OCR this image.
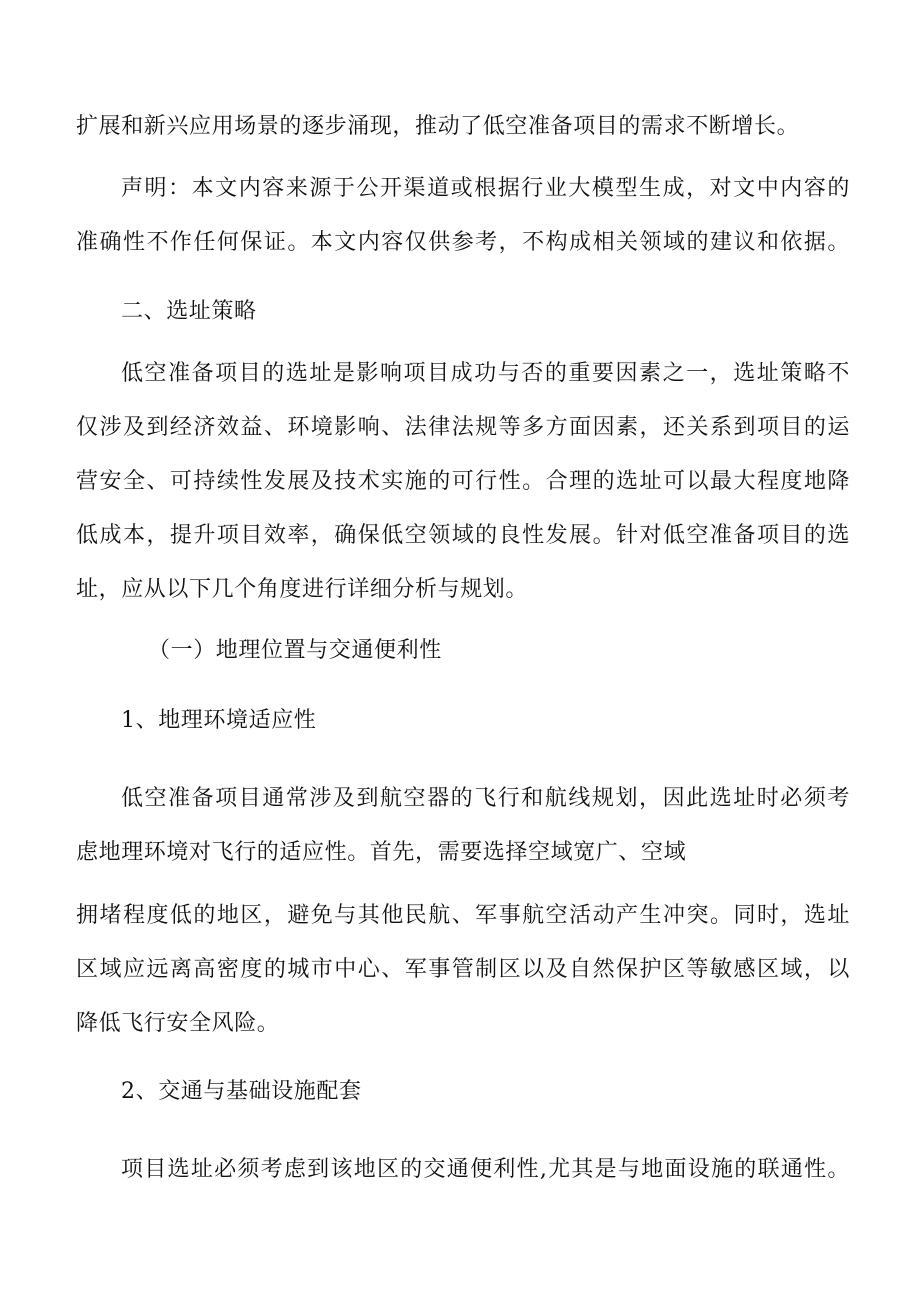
扩展和新兴应用场景的逐步涌现，推动了低空准备项目的需求不断增长。
声明：本文内容来源于公开渠道或根据行业大模型生成，对文中内容的
准确性不作任何保证。本文内容仅供参考，不构成相关领域的建议和依据。
二、选址策略
低空准备项目的选址是影响项目成功与否的重要因素之一，选址策略不
仅涉及到经济效益、环境影响、法律法规等多方面因素，还关系到项目的运
营安全、可持续性发展及技术实施的可行性。合理的选址可以最大程度地降
低成本，提升项目效率，确保低空领域的良性发展。针对低空准备项目的选
址，应从以下几个角度进行详细分析与规划。
（一）地理位置与交通便利性
1、地理环境适应性
低空准备项目通常涉及到航空器的飞行和航线规划，因此选址时必须考
虑地理环境对飞行的适应性。首先，需要选择空域宽广、空域
拥堵程度低的地区，避免与其他民航、军事航空活动产生冲突。同时，选址
区域应远离高密度的城市中心、军事管制区以及自然保护区等敏感区域，以
降低飞行安全风险。
2、交通与基础设施配套
项目选址必须考虑到该地区的交通便利性,尤其是与地面设施的联通性。
